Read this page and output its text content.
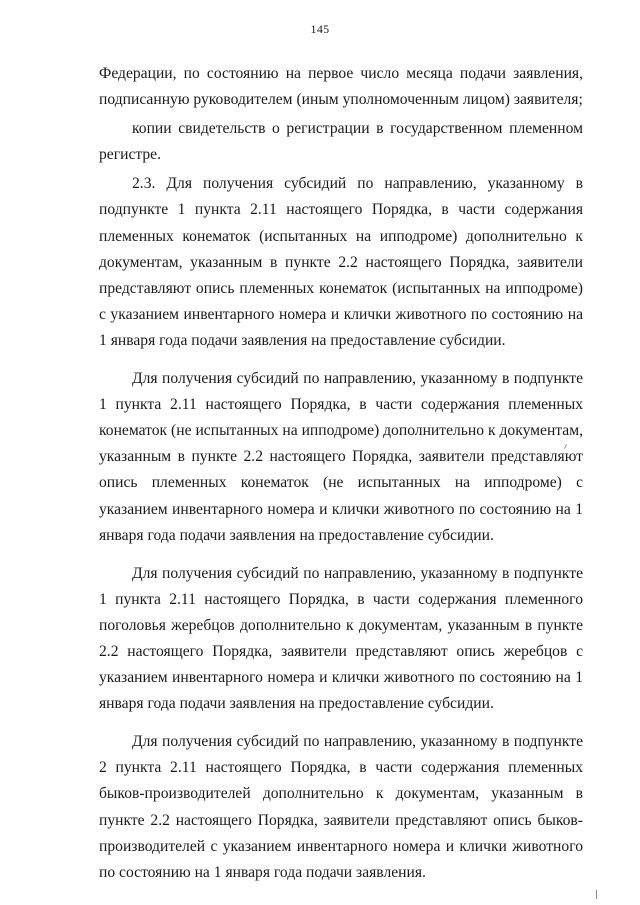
145

Федерации, по состоянию на первое число месяца подачи заявления, подписанную руководителем (иным уполномоченным лицом) заявителя;

копии свидетельств о регистрации в государственном племенном регистре.

2.3. Для получения субсидий по направлению, указанному в подпункте 1 пункта 2.11 настоящего Порядка, в части содержания племенных конематок (испытанных на ипподроме) дополнительно к документам, указанным в пункте 2.2 настоящего Порядка, заявители представляют опись племенных конематок (испытанных на ипподроме) с указанием инвентарного номера и клички животного по состоянию на 1 января года подачи заявления на предоставление субсидии.

Для получения субсидий по направлению, указанному в подпункте 1 пункта 2.11 настоящего Порядка, в части содержания племенных конематок (не испытанных на ипподроме) дополнительно к документам, указанным в пункте 2.2 настоящего Порядка, заявители представляют опись племенных конематок (не испытанных на ипподроме) с указанием инвентарного номера и клички животного по состоянию на 1 января года подачи заявления на предоставление субсидии.

Для получения субсидий по направлению, указанному в подпункте 1 пункта 2.11 настоящего Порядка, в части содержания племенного поголовья жеребцов дополнительно к документам, указанным в пункте 2.2 настоящего Порядка, заявители представляют опись жеребцов с указанием инвентарного номера и клички животного по состоянию на 1 января года подачи заявления на предоставление субсидии.

Для получения субсидий по направлению, указанному в подпункте 2 пункта 2.11 настоящего Порядка, в части содержания племенных быков-производителей дополнительно к документам, указанным в пункте 2.2 настоящего Порядка, заявители представляют опись быков-производителей с указанием инвентарного номера и клички животного по состоянию на 1 января года подачи заявления.
